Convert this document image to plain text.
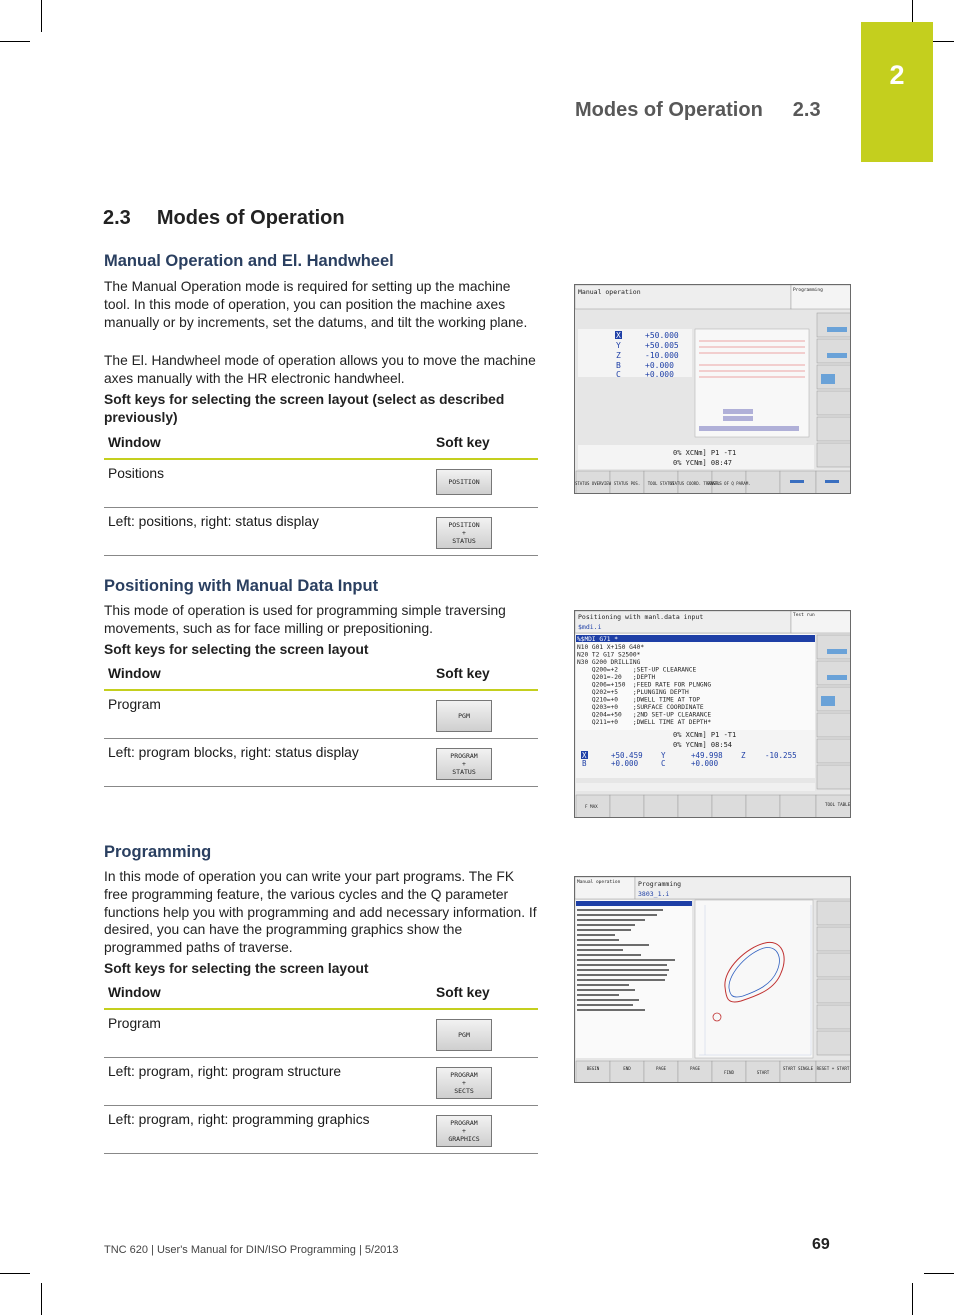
2
Modes of Operation 2.3
2.3 Modes of Operation
Manual Operation and El. Handwheel
The Manual Operation mode is required for setting up the machine tool. In this mode of operation, you can position the machine axes manually or by increments, set the datums, and tilt the working plane.
The El. Handwheel mode of operation allows you to move the machine axes manually with the HR electronic handwheel.
Soft keys for selecting the screen layout (select as described previously)
Window	Soft key
Positions	POSITION

Left: positions, right: status display	POSITION
+
STATUS
Positioning with Manual Data Input
This mode of operation is used for programming simple traversing movements, such as for face milling or prepositioning.
Soft keys for selecting the screen layout
Window	Soft key
Program	PGM

Left: program blocks, right: status display	PROGRAM
+
STATUS
Programming
In this mode of operation you can write your part programs. The FK free programming feature, the various cycles and the Q parameter functions help you with programming and add necessary information. If desired, you can have the programming graphics show the programmed paths of traverse.
Soft keys for selecting the screen layout
Window	Soft key
Program	PGM

Left: program, right: program structure	PROGRAM
+
SECTS

Left: program, right: programming graphics	PROGRAM
+
GRAPHICS
Manual operation	Programming
X	+50.000
Y	+50.005
Z	-10.000
B	+0.000
C	+0.000
0% XCNm] P1 -T1
0% YCNm] 08:47
STATUS OVERVIEW STATUS POS. TOOL STATUS
STATUS COORD. TRANSF.
STATUS OF Q PARAM.
Positioning with manl.data input
$mdi.i
Test run
%$MDI G71 *
N10 G01 X+150 G40*
N20 T2 G17 S2500*
N30 G200 DRILLING
Q200=+2    ;SET-UP CLEARANCE
Q201=-20   ;DEPTH
Q206=+150  ;FEED RATE FOR PLNGNG
Q202=+5    ;PLUNGING DEPTH
Q210=+0    ;DWELL TIME AT TOP
Q203=+0    ;SURFACE COORDINATE
Q204=+50   ;2ND SET-UP CLEARANCE
Q211=+0    ;DWELL TIME AT DEPTH*
0% XCNm] P1 -T1
0% YCNm] 08:54
X	+50.459 Y	+49.998 Z	-10.255
B	+0.000	C	+0.000
F MAX	TOOL TABLE
Manual operation	Programming
3803_1.i
BEGIN	END	PAGE	PAGE
FIND	START
START SINGLE RESET + START
TNC 620 | User's Manual for DIN/ISO Programming | 5/2013	69
